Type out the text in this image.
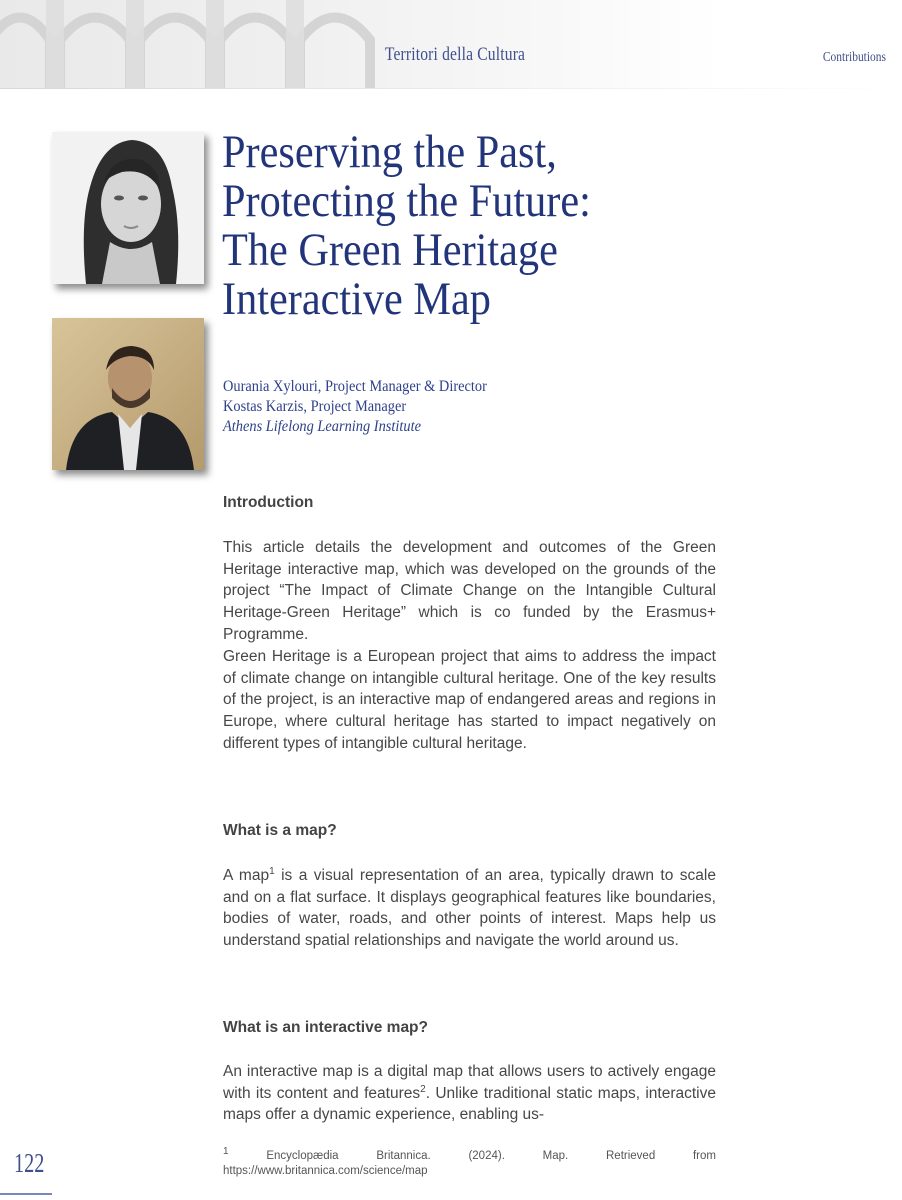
Territori della Cultura	Contributions
Preserving the Past,
Protecting the Future:
The Green Heritage
Interactive Map
Ourania Xylouri, Project Manager & Director
Kostas Karzis, Project Manager
Athens Lifelong Learning Institute
Introduction

This article details the development and outcomes of the Green Heritage interactive map, which was developed on the grounds of the project “The Impact of Climate Change on the Intangible Cultural Heritage-Green Heritage” which is co funded by the Erasmus+ Programme.

Green Heritage is a European project that aims to address the impact of climate change on intangible cultural heritage. One of the key results of the project, is an interactive map of endangered areas and regions in Europe, where cultural heritage has started to impact negatively on different types of intangible cultural heritage.

What is a map?

A map$^1$ is a visual representation of an area, typically drawn to scale and on a flat surface. It displays geographical features like boundaries, bodies of water, roads, and other points of interest. Maps help us understand spatial relationships and navigate the world around us.

What is an interactive map?

An interactive map is a digital map that allows users to actively engage with its content and features$^2$. Unlike traditional static maps, interactive maps offer a dynamic experience, enabling us-

$^1$ Encyclopædia Britannica. (2024). Map. Retrieved from https://www.britannica.com/science/map
122
